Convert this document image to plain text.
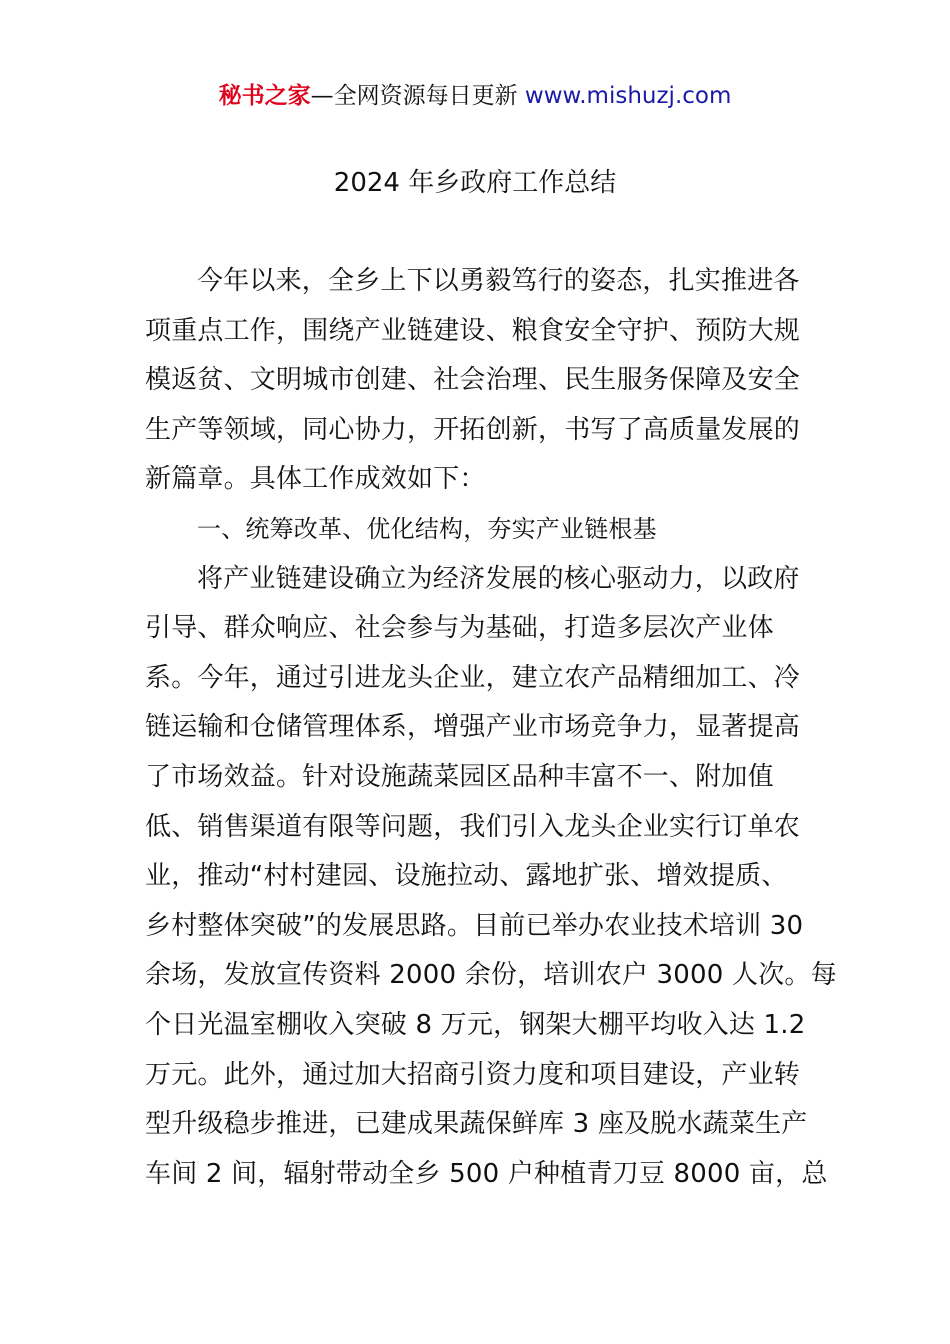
秘书之家—全网资源每日更新 www.mishuzj.com
2024 年乡政府工作总结
今年以来，全乡上下以勇毅笃行的姿态，扎实推进各
项重点工作，围绕产业链建设、粮食安全守护、预防大规
模返贫、文明城市创建、社会治理、民生服务保障及安全
生产等领域，同心协力，开拓创新，书写了高质量发展的
新篇章。具体工作成效如下：
一、统筹改革、优化结构，夯实产业链根基
将产业链建设确立为经济发展的核心驱动力，以政府
引导、群众响应、社会参与为基础，打造多层次产业体
系。今年，通过引进龙头企业，建立农产品精细加工、冷
链运输和仓储管理体系，增强产业市场竞争力，显著提高
了市场效益。针对设施蔬菜园区品种丰富不一、附加值
低、销售渠道有限等问题，我们引入龙头企业实行订单农
业，推动“村村建园、设施拉动、露地扩张、增效提质、
乡村整体突破”的发展思路。目前已举办农业技术培训 30
余场，发放宣传资料 2000 余份，培训农户 3000 人次。每
个日光温室棚收入突破 8 万元，钢架大棚平均收入达 1.2
万元。此外，通过加大招商引资力度和项目建设，产业转
型升级稳步推进，已建成果蔬保鲜库 3 座及脱水蔬菜生产
车间 2 间，辐射带动全乡 500 户种植青刀豆 8000 亩，总
